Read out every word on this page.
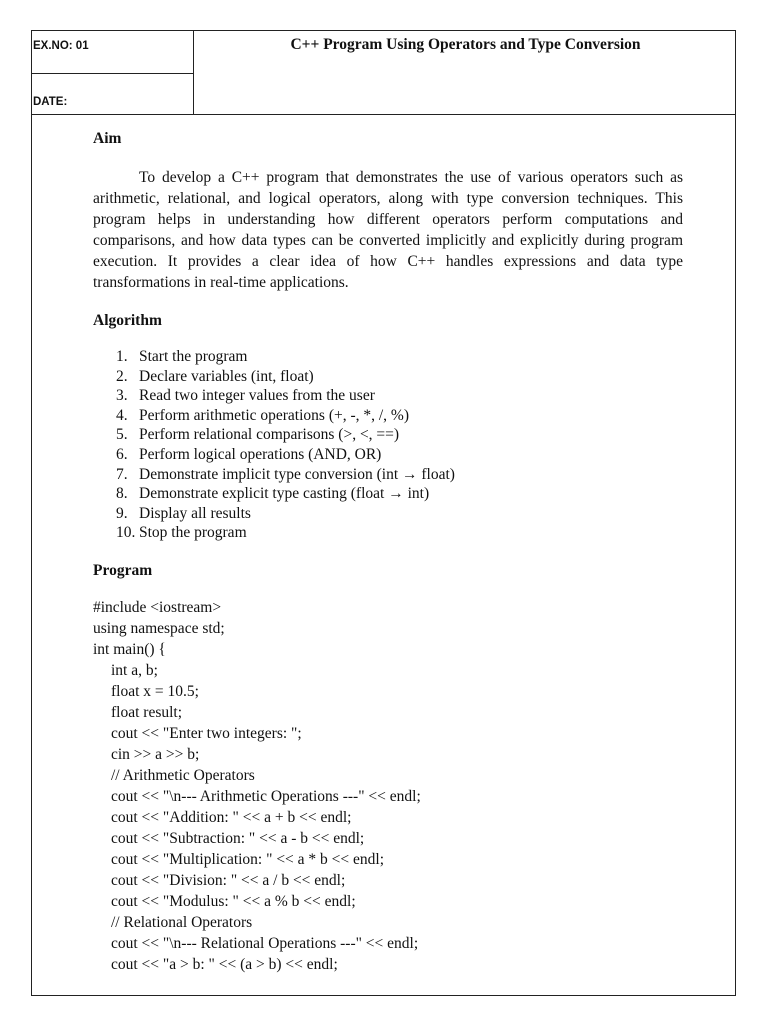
EX.NO: 01
DATE:
C++ Program Using Operators and Type Conversion
Aim

To develop a C++ program that demonstrates the use of various operators such as arithmetic, relational, and logical operators, along with type conversion techniques. This program helps in understanding how different operators perform computations and comparisons, and how data types can be converted implicitly and explicitly during program execution. It provides a clear idea of how C++ handles expressions and data type transformations in real-time applications.

Algorithm
1. Start the program
2. Declare variables (int, float)
3. Read two integer values from the user
4. Perform arithmetic operations (+, -, *, /, %)
5. Perform relational comparisons (>, <, ==)
6. Perform logical operations (AND, OR)
7. Demonstrate implicit type conversion (int → float)
8. Demonstrate explicit type casting (float → int)
9. Display all results
10. Stop the program
Program
#include <iostream>
using namespace std;
int main() {
int a, b;
float x = 10.5;
float result;
cout << "Enter two integers: ";
cin >> a >> b;
// Arithmetic Operators
cout << "\n--- Arithmetic Operations ---" << endl;
cout << "Addition: " << a + b << endl;
cout << "Subtraction: " << a - b << endl;
cout << "Multiplication: " << a * b << endl;
cout << "Division: " << a / b << endl;
cout << "Modulus: " << a % b << endl;
// Relational Operators
cout << "\n--- Relational Operations ---" << endl;
cout << "a > b: " << (a > b) << endl;
